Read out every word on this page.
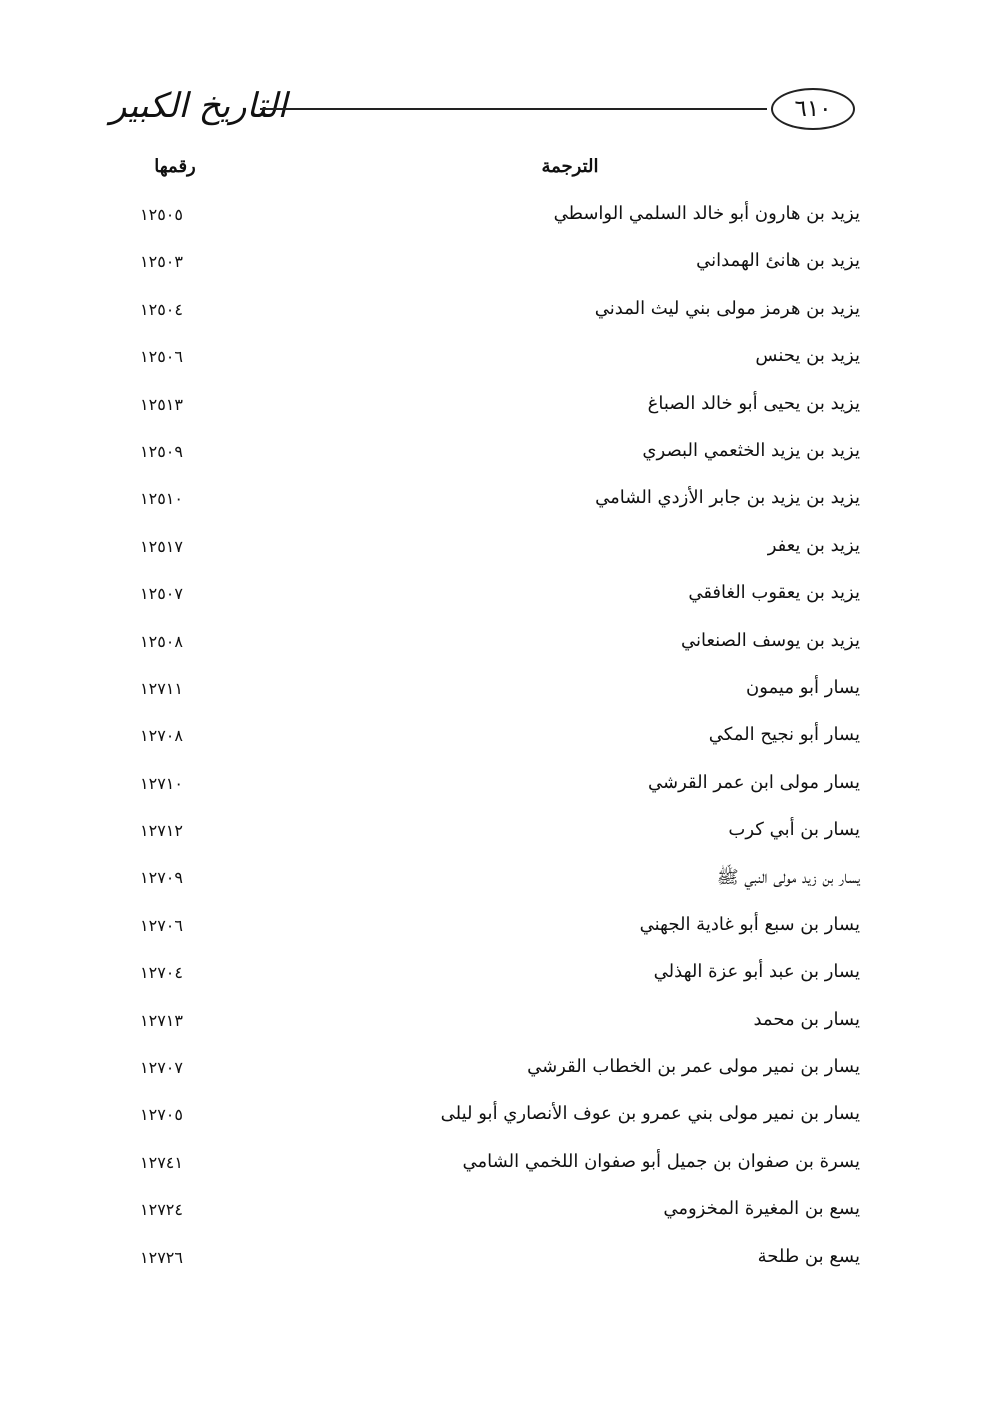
التاريخ الكبير	٦١٠
الترجمة
رقمها
يزيد بن هارون أبو خالد السلمي الواسطي
١٢٥٠٥
يزيد بن هانئ الهمداني
١٢٥٠٣
يزيد بن هرمز مولى بني ليث المدني
١٢٥٠٤
يزيد بن يحنس
١٢٥٠٦
يزيد بن يحيى أبو خالد الصباغ
١٢٥١٣
يزيد بن يزيد الخثعمي البصري
١٢٥٠٩
يزيد بن يزيد بن جابر الأزدي الشامي
١٢٥١٠
يزيد بن يعفر
١٢٥١٧
يزيد بن يعقوب الغافقي
١٢٥٠٧
يزيد بن يوسف الصنعاني
١٢٥٠٨
يسار أبو ميمون
١٢٧١١
يسار أبو نجيح المكي
١٢٧٠٨
يسار مولى ابن عمر القرشي
١٢٧١٠
يسار بن أبي كرب
١٢٧١٢
يسار بن زيد مولى النبي ﷺ
١٢٧٠٩
يسار بن سبع أبو غادية الجهني
١٢٧٠٦
يسار بن عبد أبو عزة الهذلي
١٢٧٠٤
يسار بن محمد
١٢٧١٣
يسار بن نمير مولى عمر بن الخطاب القرشي
١٢٧٠٧
يسار بن نمير مولى بني عمرو بن عوف الأنصاري أبو ليلى
١٢٧٠٥
يسرة بن صفوان بن جميل أبو صفوان اللخمي الشامي
١٢٧٤١
يسع بن المغيرة المخزومي
١٢٧٢٤
يسع بن طلحة
١٢٧٢٦
